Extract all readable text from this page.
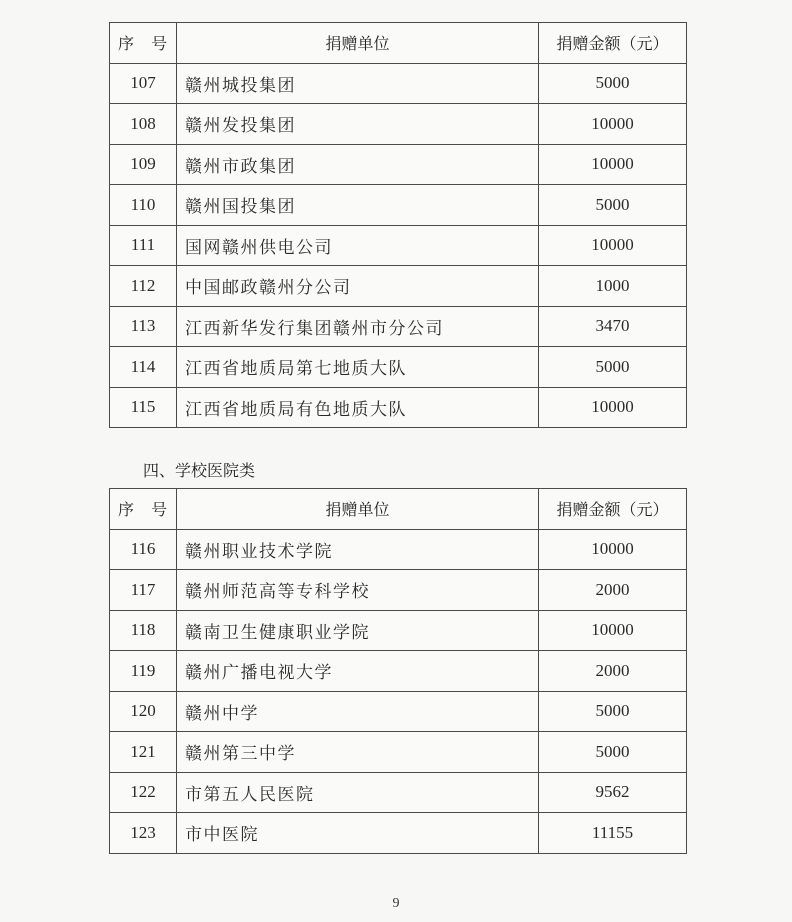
序 号	捐赠单位	捐赠金额（元）
107	赣州城投集团	5000
108	赣州发投集团	10000
109	赣州市政集团	10000
110	赣州国投集团	5000
111	国网赣州供电公司	10000
112	中国邮政赣州分公司	1000
113	江西新华发行集团赣州市分公司	3470
114	江西省地质局第七地质大队	5000
115	江西省地质局有色地质大队	10000
四、学校医院类
序 号	捐赠单位	捐赠金额（元）
116	赣州职业技术学院	10000
117	赣州师范高等专科学校	2000
118	赣南卫生健康职业学院	10000
119	赣州广播电视大学	2000
120	赣州中学	5000
121	赣州第三中学	5000
122	市第五人民医院	9562
123	市中医院	11155
9
